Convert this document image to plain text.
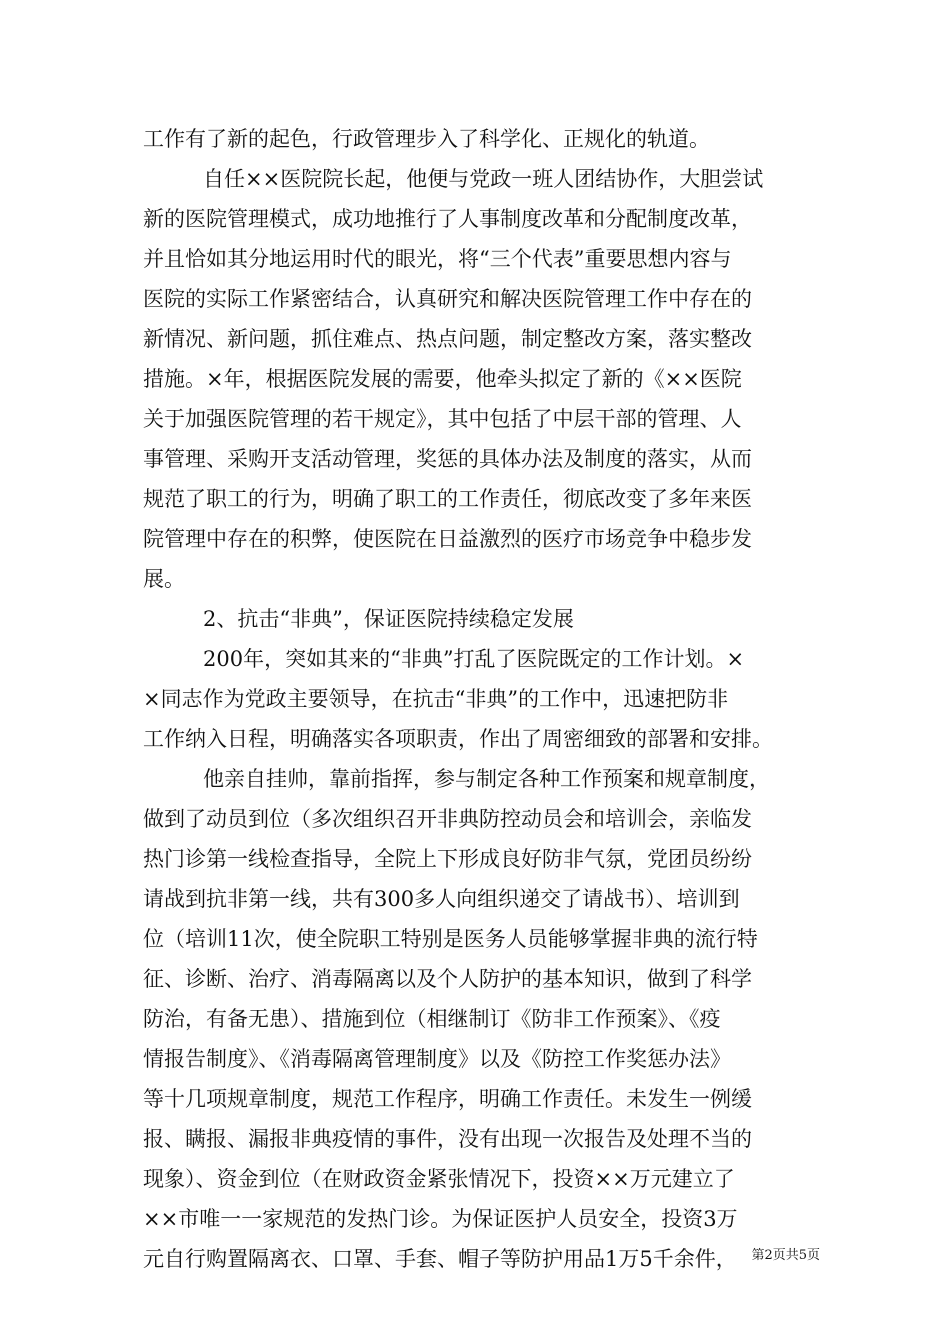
工作有了新的起色，行政管理步入了科学化、正规化的轨道。
自任××医院院长起，他便与党政一班人团结协作，大胆尝试
新的医院管理模式，成功地推行了人事制度改革和分配制度改革，
并且恰如其分地运用时代的眼光，将“三个代表”重要思想内容与
医院的实际工作紧密结合，认真研究和解决医院管理工作中存在的
新情况、新问题，抓住难点、热点问题，制定整改方案，落实整改
措施。×年，根据医院发展的需要，他牵头拟定了新的《××医院
关于加强医院管理的若干规定》，其中包括了中层干部的管理、人
事管理、采购开支活动管理，奖惩的具体办法及制度的落实，从而
规范了职工的行为，明确了职工的工作责任，彻底改变了多年来医
院管理中存在的积弊，使医院在日益激烈的医疗市场竞争中稳步发
展。
2、抗击“非典”，保证医院持续稳定发展
200年，突如其来的“非典”打乱了医院既定的工作计划。×
×同志作为党政主要领导，在抗击“非典”的工作中，迅速把防非
工作纳入日程，明确落实各项职责，作出了周密细致的部署和安排。
他亲自挂帅，靠前指挥，参与制定各种工作预案和规章制度，
做到了动员到位（多次组织召开非典防控动员会和培训会，亲临发
热门诊第一线检查指导，全院上下形成良好防非气氛，党团员纷纷
请战到抗非第一线，共有300多人向组织递交了请战书）、培训到
位（培训11次，使全院职工特别是医务人员能够掌握非典的流行特
征、诊断、治疗、消毒隔离以及个人防护的基本知识，做到了科学
防治，有备无患）、措施到位（相继制订《防非工作预案》、《疫
情报告制度》、《消毒隔离管理制度》以及《防控工作奖惩办法》
等十几项规章制度，规范工作程序，明确工作责任。未发生一例缓
报、瞒报、漏报非典疫情的事件，没有出现一次报告及处理不当的
现象）、资金到位（在财政资金紧张情况下，投资××万元建立了
××市唯一一家规范的发热门诊。为保证医护人员安全，投资3万
元自行购置隔离衣、口罩、手套、帽子等防护用品1万5千余件，	第2页共5页
